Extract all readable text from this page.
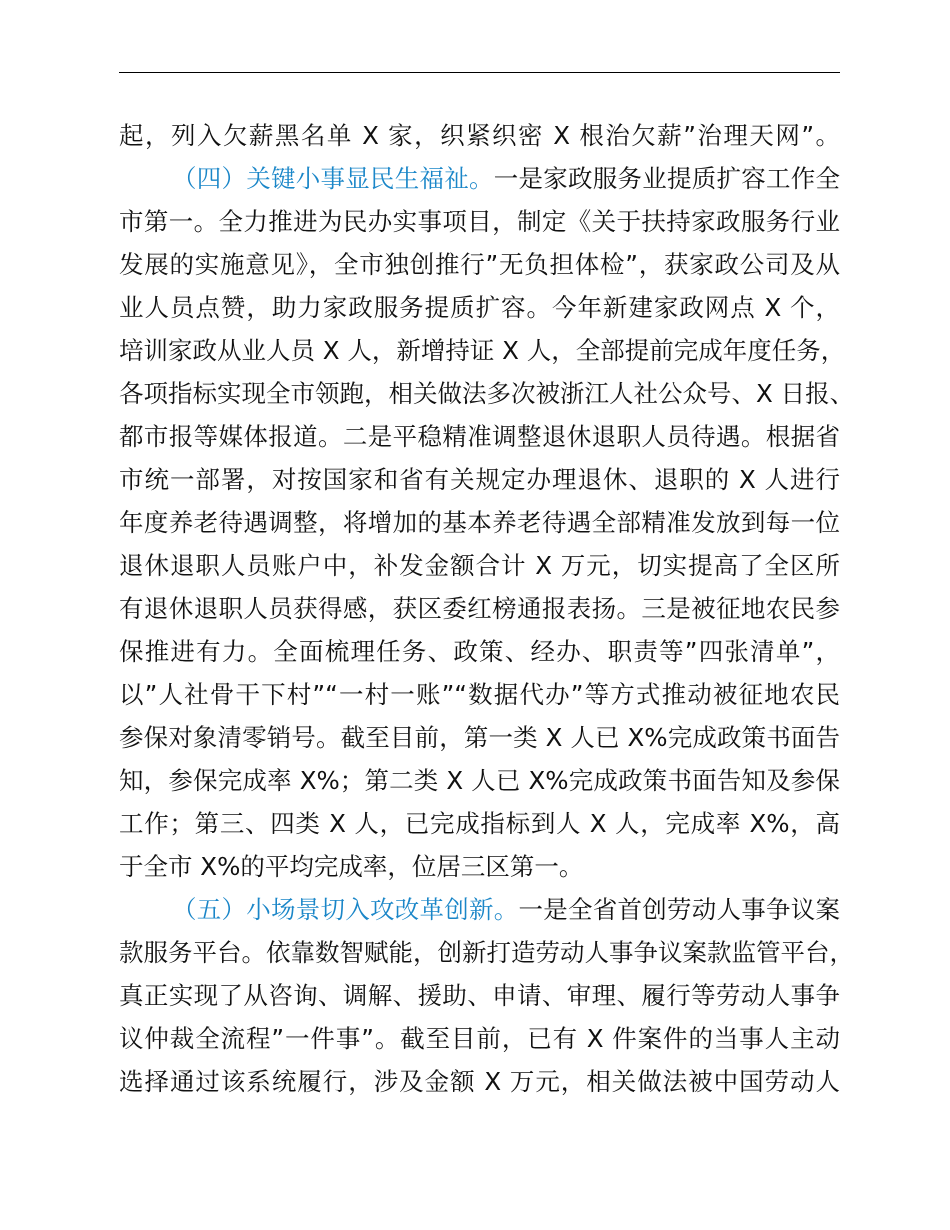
起，列入欠薪黑名单 X 家，织紧织密 X 根治欠薪”治理天网”。
（四）关键小事显民生福祉。一是家政服务业提质扩容工作全
市第一。全力推进为民办实事项目，制定《关于扶持家政服务行业
发展的实施意见》，全市独创推行”无负担体检”，获家政公司及从
业人员点赞，助力家政服务提质扩容。今年新建家政网点 X 个，
培训家政从业人员 X 人，新增持证 X 人，全部提前完成年度任务，
各项指标实现全市领跑，相关做法多次被浙江人社公众号、X 日报、
都市报等媒体报道。二是平稳精准调整退休退职人员待遇。根据省
市统一部署，对按国家和省有关规定办理退休、退职的 X 人进行
年度养老待遇调整，将增加的基本养老待遇全部精准发放到每一位
退休退职人员账户中，补发金额合计 X 万元，切实提高了全区所
有退休退职人员获得感，获区委红榜通报表扬。三是被征地农民参
保推进有力。全面梳理任务、政策、经办、职责等”四张清单”，
以”人社骨干下村”“一村一账”“数据代办”等方式推动被征地农民
参保对象清零销号。截至目前，第一类 X 人已 X%完成政策书面告
知，参保完成率 X%；第二类 X 人已 X%完成政策书面告知及参保
工作；第三、四类 X 人，已完成指标到人 X 人，完成率 X%，高
于全市 X%的平均完成率，位居三区第一。
（五）小场景切入攻改革创新。一是全省首创劳动人事争议案
款服务平台。依靠数智赋能，创新打造劳动人事争议案款监管平台，
真正实现了从咨询、调解、援助、申请、审理、履行等劳动人事争
议仲裁全流程”一件事”。截至目前，已有 X 件案件的当事人主动
选择通过该系统履行，涉及金额 X 万元，相关做法被中国劳动人
